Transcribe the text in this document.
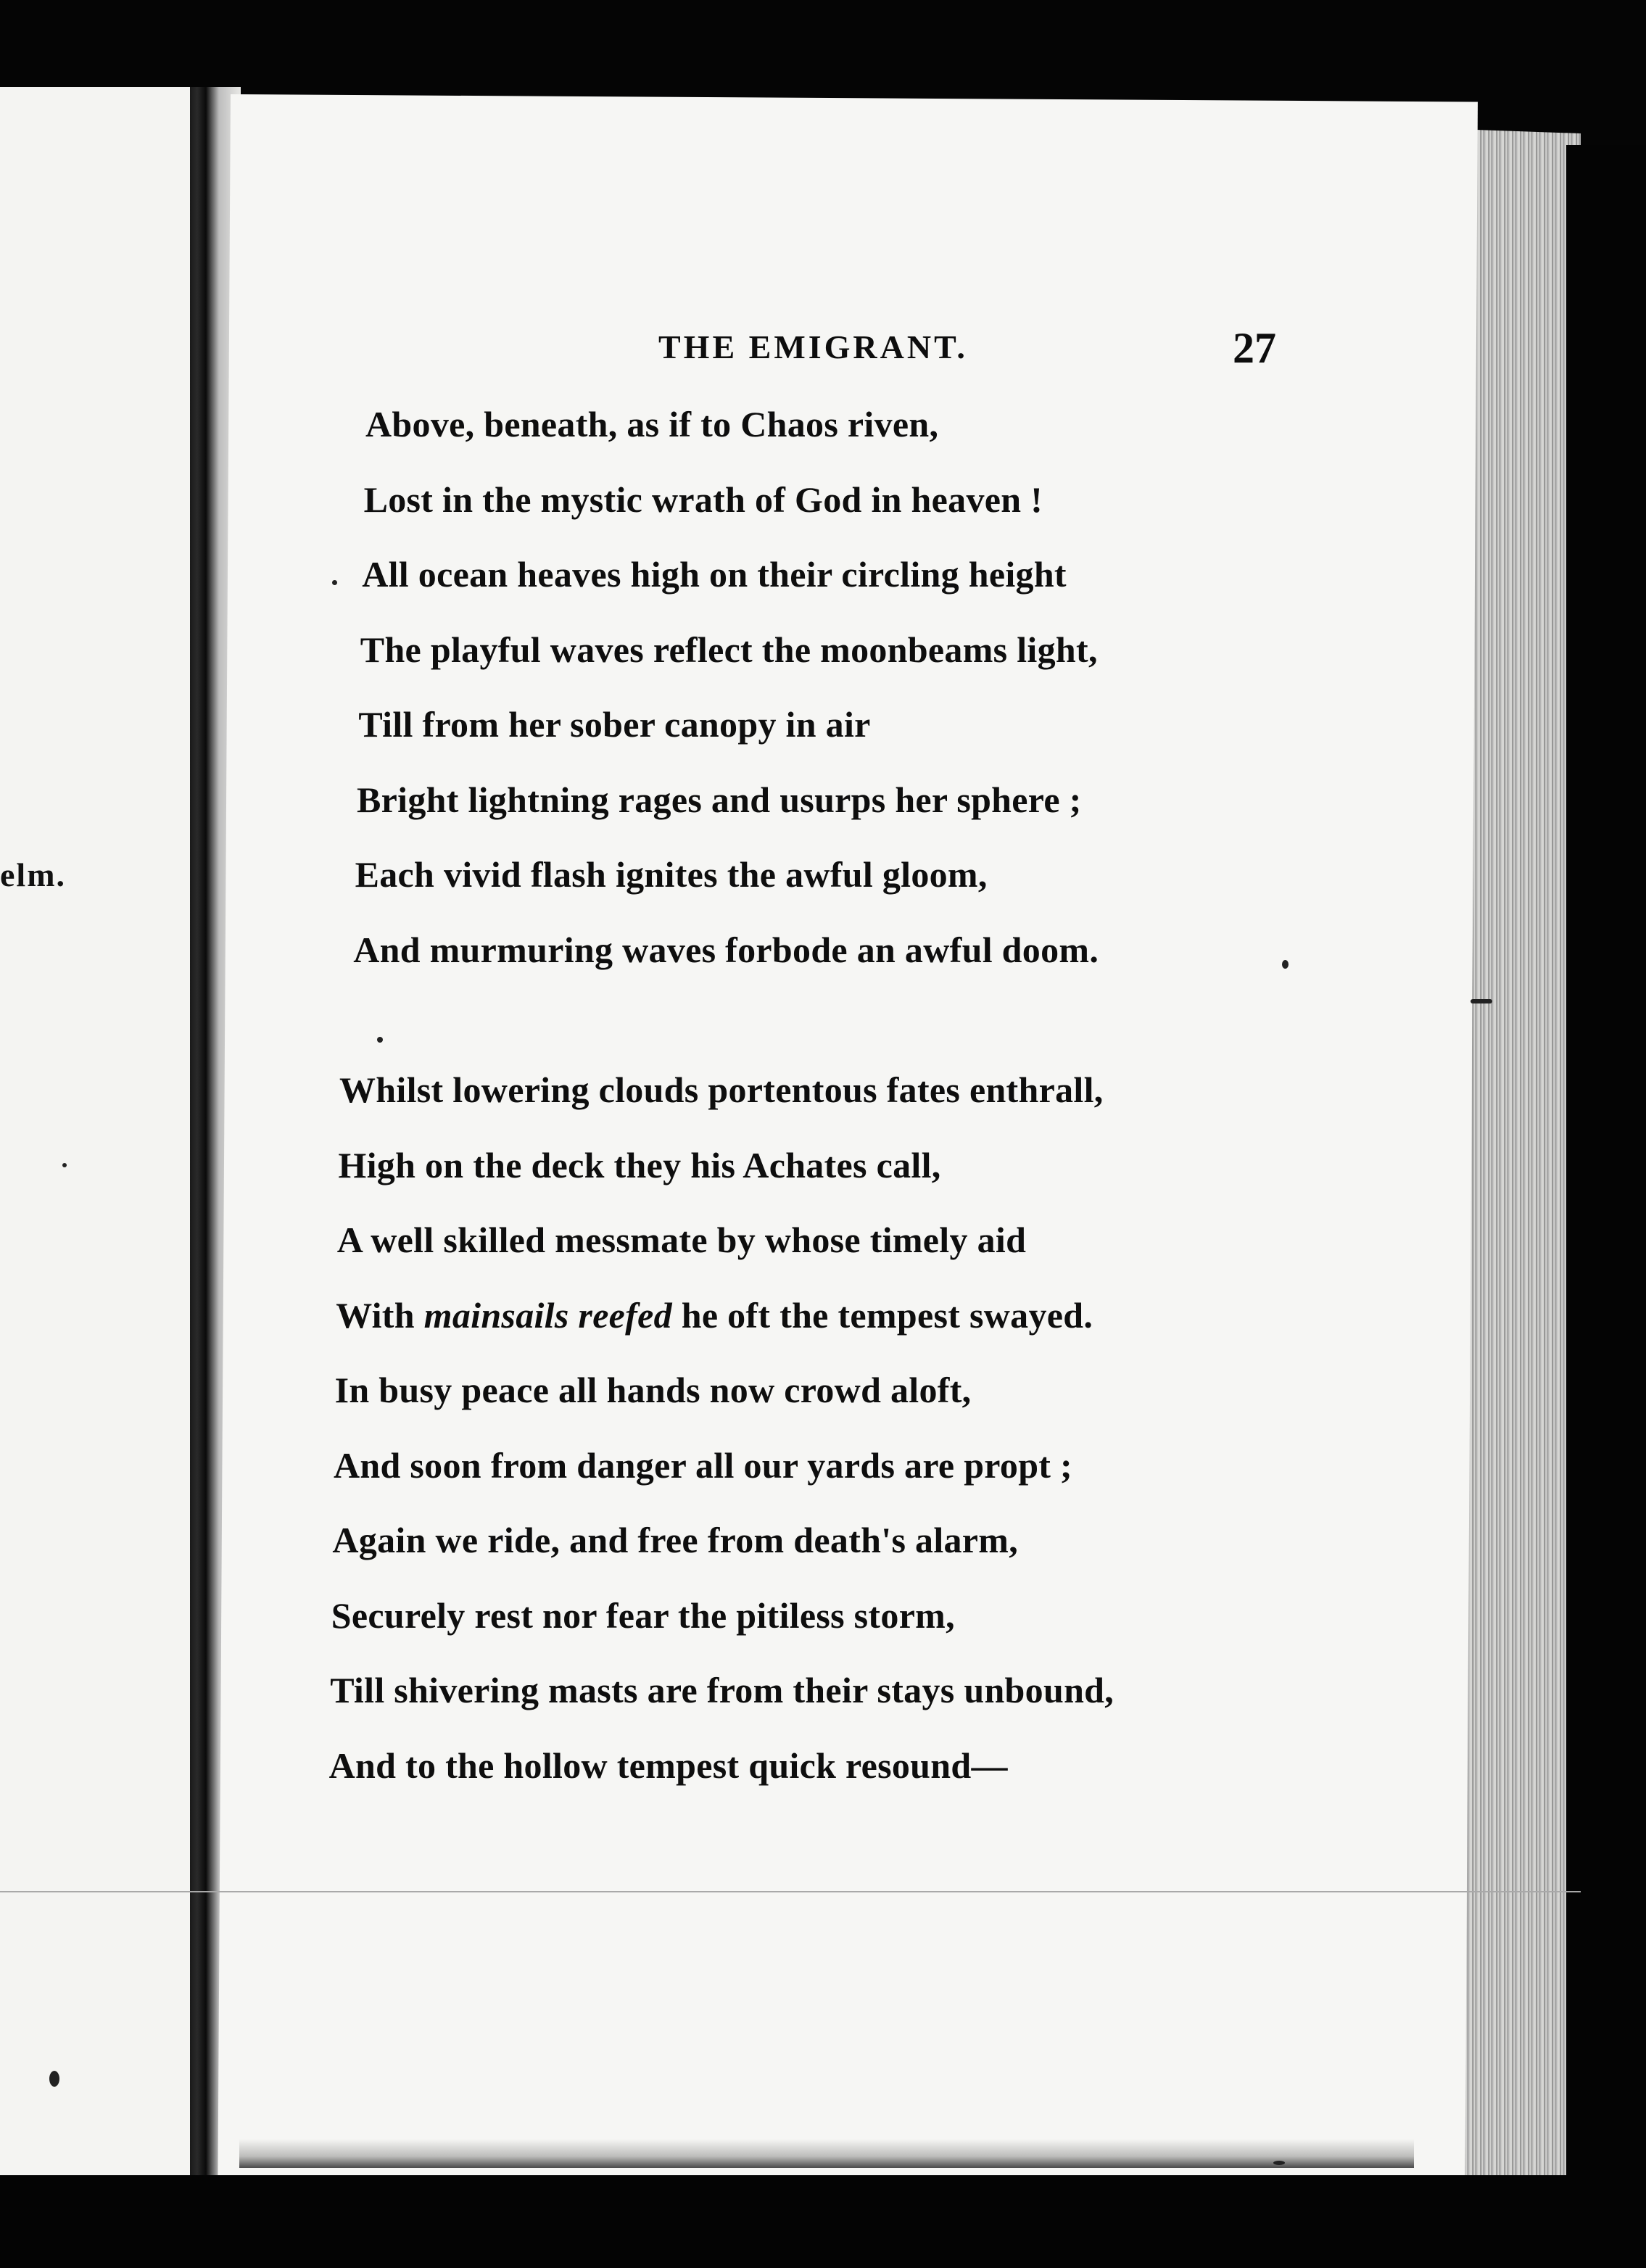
elm.
THE EMIGRANT.	27
Above, beneath, as if to Chaos riven,
Lost in the mystic wrath of God in heaven !
All ocean heaves high on their circling height
The playful waves reflect the moonbeams light,
Till from her sober canopy in air
Bright lightning rages and usurps her sphere ;
Each vivid flash ignites the awful gloom,
And murmuring waves forbode an awful doom.
Whilst lowering clouds portentous fates enthrall,
High on the deck they his Achates call,
A well skilled messmate by whose timely aid
With mainsails reefed he oft the tempest swayed.
In busy peace all hands now crowd aloft,
And soon from danger all our yards are propt ;
Again we ride, and free from death's alarm,
Securely rest nor fear the pitiless storm,
Till shivering masts are from their stays unbound,
And to the hollow tempest quick resound—
